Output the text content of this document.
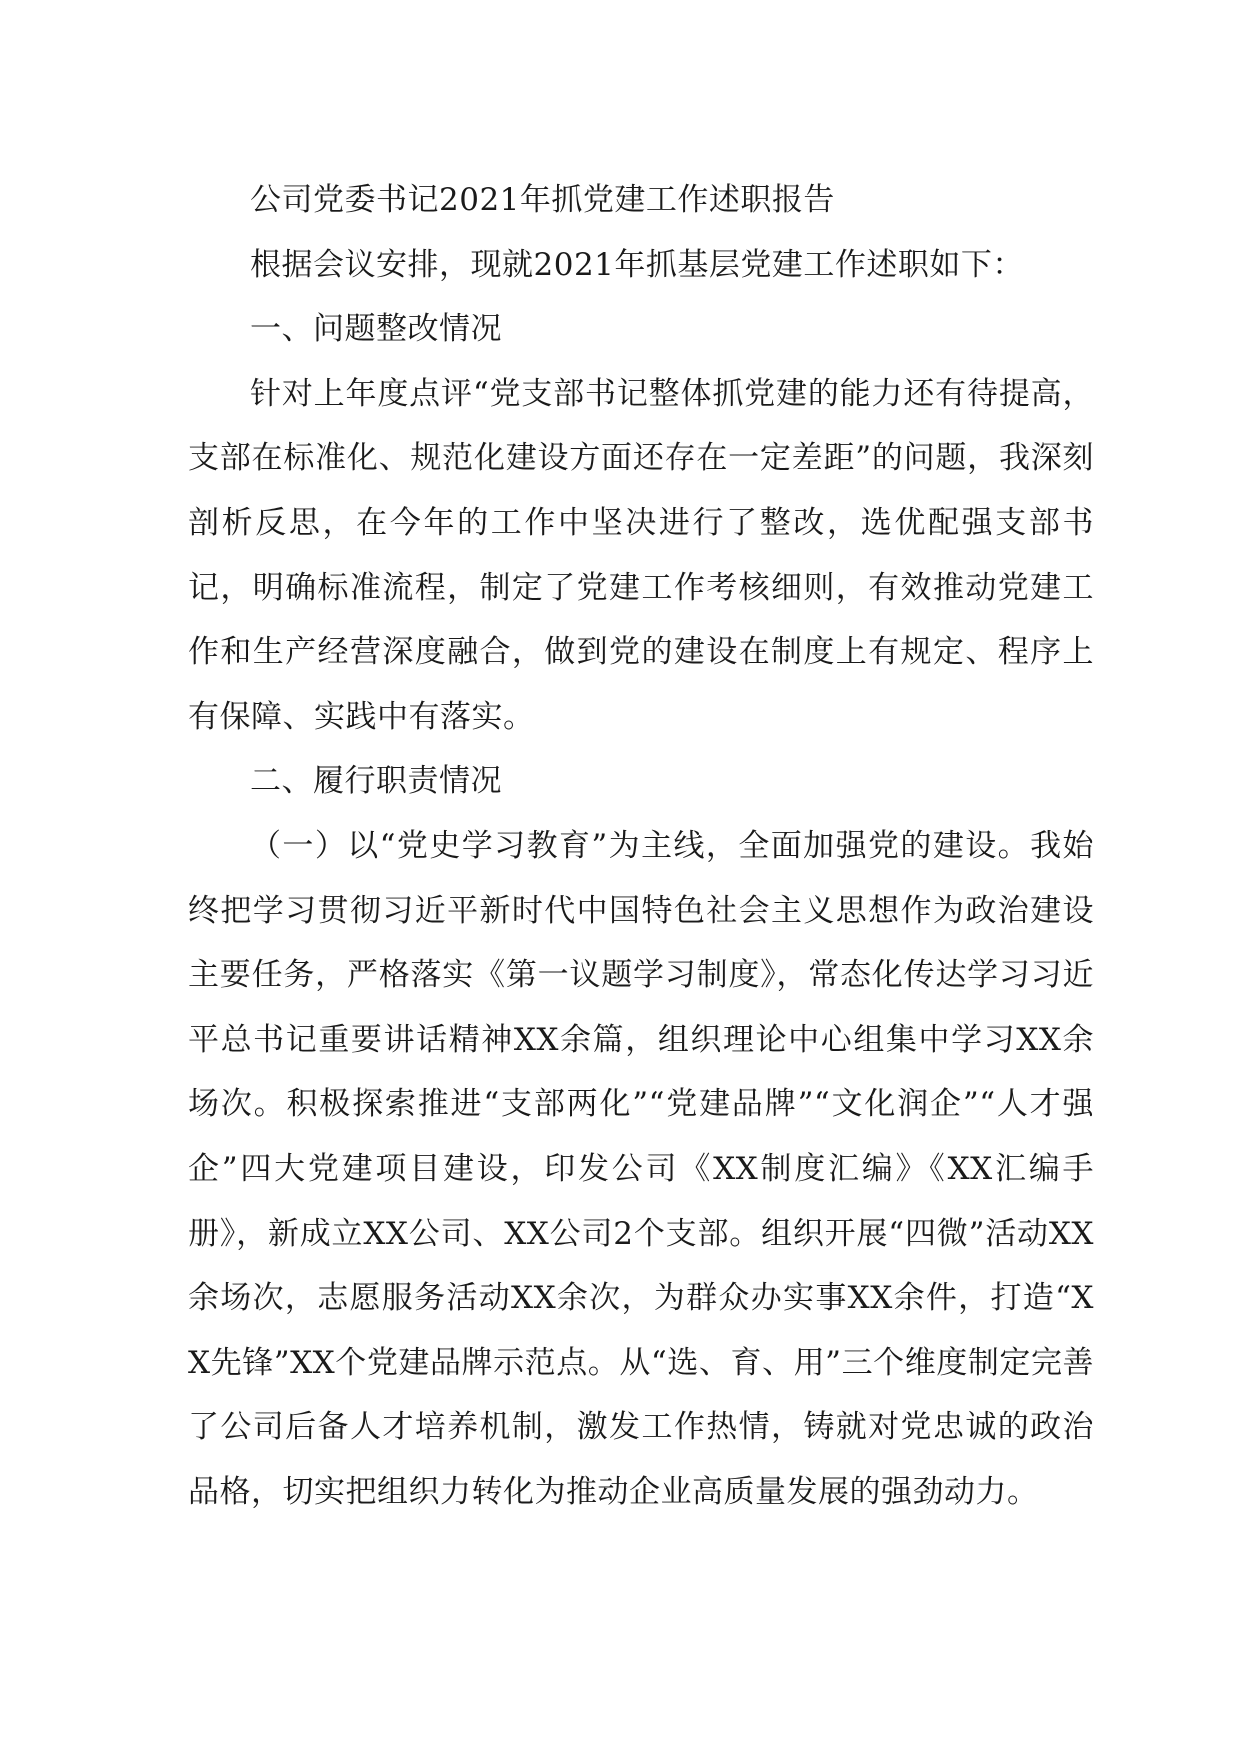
公司党委书记2021年抓党建工作述职报告

根据会议安排，现就2021年抓基层党建工作述职如下：

一、问题整改情况

针对上年度点评“党支部书记整体抓党建的能力还有待提高，支部在标准化、规范化建设方面还存在一定差距”的问题，我深刻剖析反思，在今年的工作中坚决进行了整改，选优配强支部书记，明确标准流程，制定了党建工作考核细则，有效推动党建工作和生产经营深度融合，做到党的建设在制度上有规定、程序上有保障、实践中有落实。

二、履行职责情况

（一）以“党史学习教育”为主线，全面加强党的建设。我始终把学习贯彻习近平新时代中国特色社会主义思想作为政治建设主要任务，严格落实《第一议题学习制度》，常态化传达学习习近平总书记重要讲话精神XX余篇，组织理论中心组集中学习XX余场次。积极探索推进“支部两化”“党建品牌”“文化润企”“人才强企”四大党建项目建设，印发公司《XX制度汇编》《XX汇编手册》，新成立XX公司、XX公司2个支部。组织开展“四微”活动XX余场次，志愿服务活动XX余次，为群众办实事XX余件，打造“XX先锋”XX个党建品牌示范点。从“选、育、用”三个维度制定完善了公司后备人才培养机制，激发工作热情，铸就对党忠诚的政治品格，切实把组织力转化为推动企业高质量发展的强劲动力。
